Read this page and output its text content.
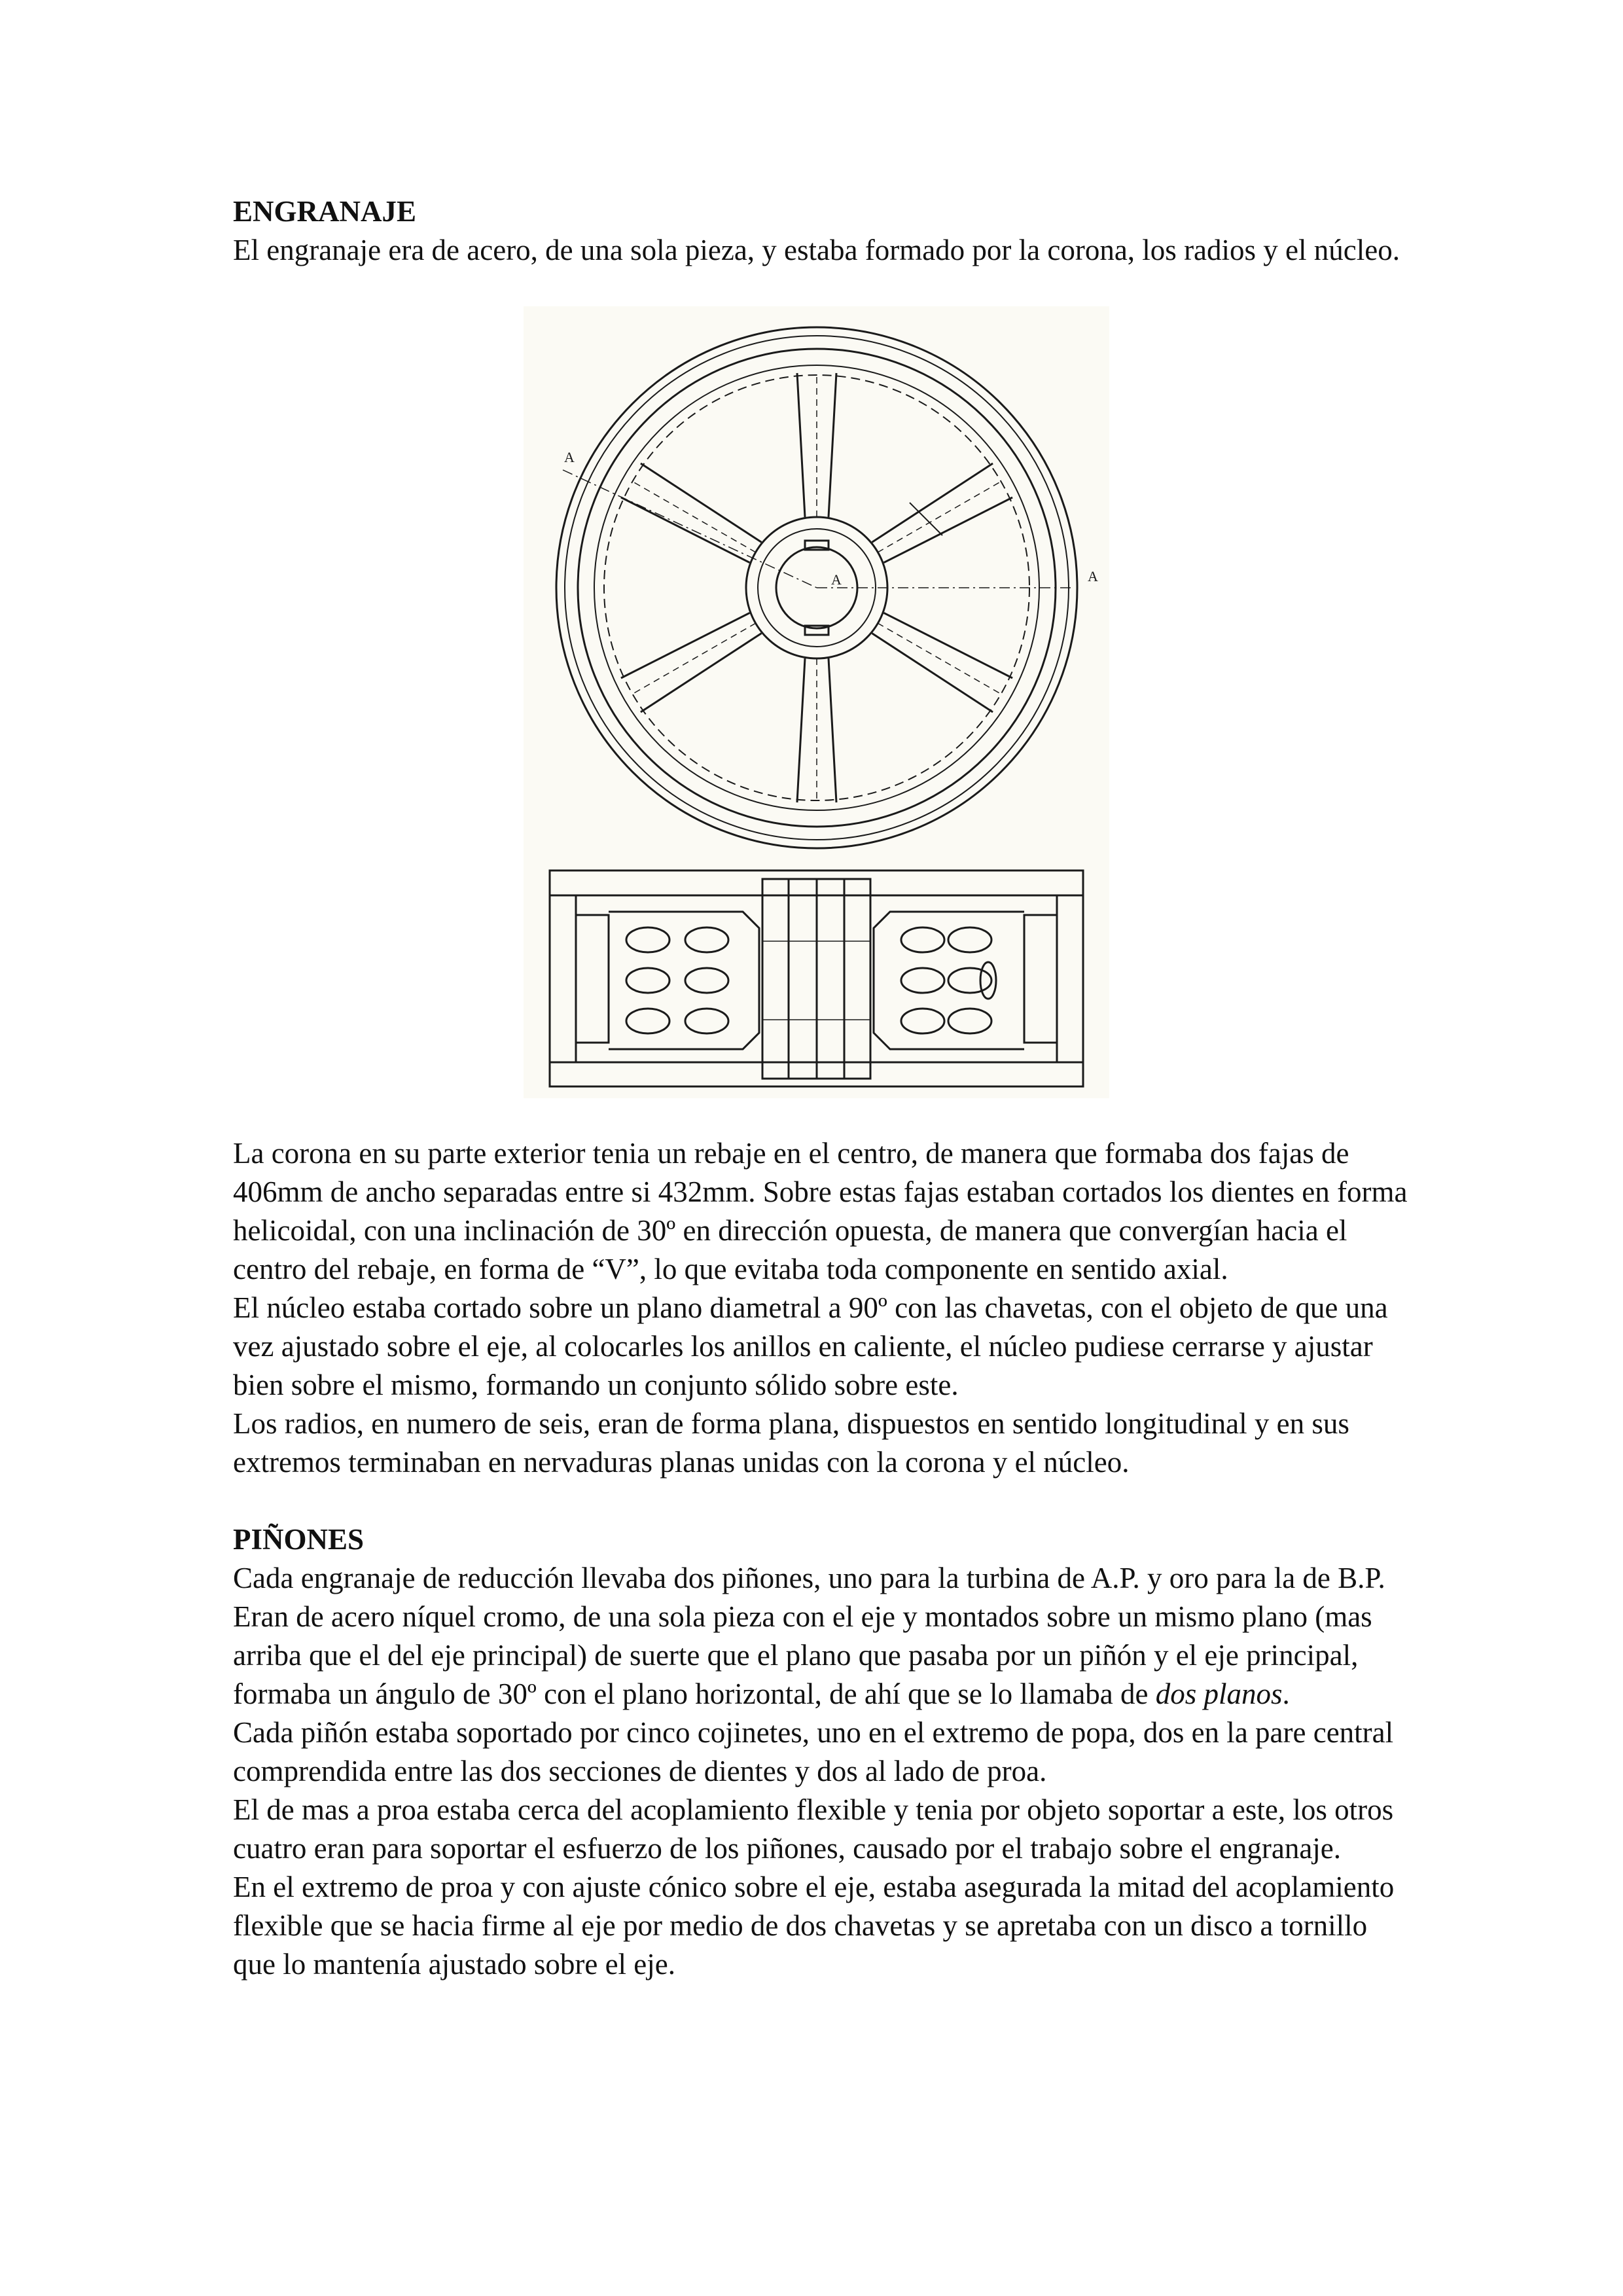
ENGRANAJE

El engranaje era de acero, de una sola pieza, y estaba formado por la corona, los radios y el núcleo.

A
A
A

La corona en su parte exterior tenia un rebaje en el centro, de manera que formaba dos fajas de 406mm de ancho separadas entre si 432mm. Sobre estas fajas estaban cortados los dientes en forma helicoidal, con una inclinación de 30º en dirección opuesta, de manera que convergían hacia el centro del rebaje, en forma de “V”, lo que evitaba toda componente en sentido axial.

El núcleo estaba cortado sobre un plano diametral a 90º con las chavetas, con el objeto de que una vez ajustado sobre el eje, al colocarles los anillos en caliente, el núcleo pudiese cerrarse y ajustar bien sobre el mismo, formando un conjunto sólido sobre este.

Los radios, en numero de seis, eran de forma plana, dispuestos en sentido longitudinal y en sus extremos terminaban en nervaduras planas unidas con la corona y el núcleo.

PIÑONES

Cada engranaje de reducción llevaba dos piñones, uno para la turbina de A.P. y oro para la de B.P. Eran de acero níquel cromo, de una sola pieza con el eje y montados sobre un mismo plano (mas arriba que el del eje principal) de suerte que el plano que pasaba por un piñón y el eje principal, formaba un ángulo de 30º con el plano horizontal, de ahí que se lo llamaba de dos planos.

Cada piñón estaba soportado por cinco cojinetes, uno en el extremo de popa, dos en la pare central comprendida entre las dos secciones de dientes y dos al lado de proa.

El de mas a proa estaba cerca del acoplamiento flexible y tenia por objeto soportar a este, los otros cuatro eran para soportar el esfuerzo de los piñones, causado por el trabajo sobre el engranaje.

En el extremo de proa y con ajuste cónico sobre el eje, estaba asegurada la mitad del acoplamiento flexible que se hacia firme al eje por medio de dos chavetas y se apretaba con un disco a tornillo que lo mantenía ajustado sobre el eje.
